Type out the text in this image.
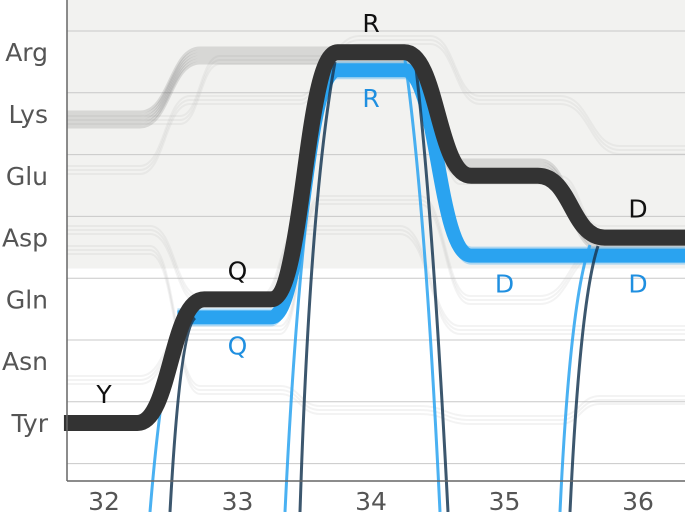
Tyr
Asn
Gln
Asp
Glu
Lys
Arg
32	33	34	35	36
Y
Q
R
D
Q
R
D	D
